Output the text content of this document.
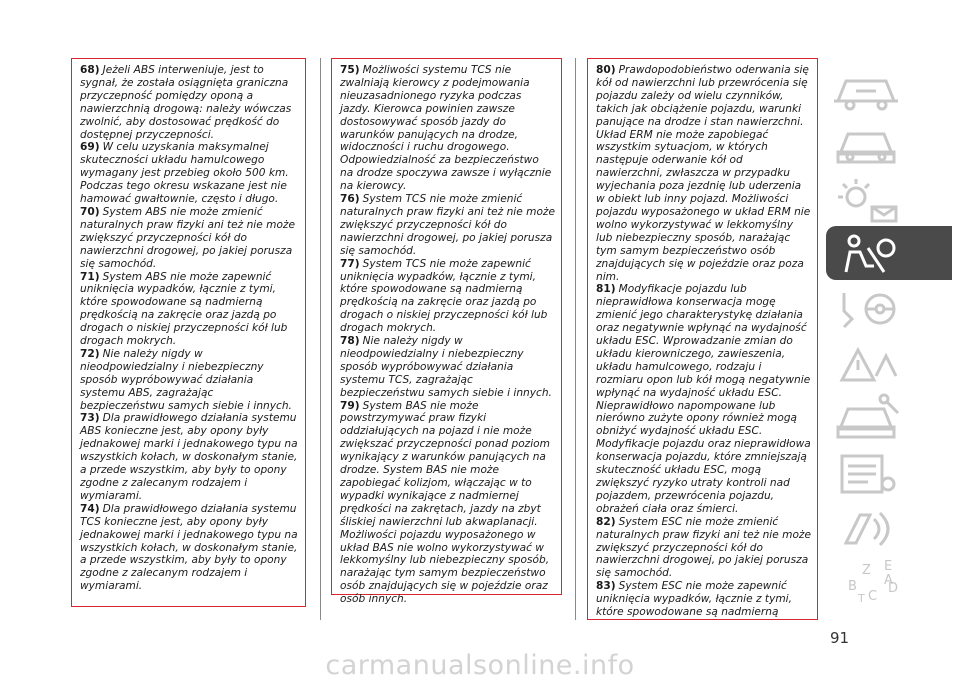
68) Jeżeli ABS interweniuje, jest to sygnał, że została osiągnięta graniczna przyczepność pomiędzy oponą a nawierzchnią drogową: należy wówczas zwolnić, aby dostosować prędkość do dostępnej przyczepności.

69) W celu uzyskania maksymalnej skuteczności układu hamulcowego wymagany jest przebieg około 500 km. Podczas tego okresu wskazane jest nie hamować gwałtownie, często i długo.

70) System ABS nie może zmienić naturalnych praw fizyki ani też nie może zwiększyć przyczepności kół do nawierzchni drogowej, po jakiej porusza się samochód.

71) System ABS nie może zapewnić uniknięcia wypadków, łącznie z tymi, które spowodowane są nadmierną prędkością na zakręcie oraz jazdą po drogach o niskiej przyczepności kół lub drogach mokrych.

72) Nie należy nigdy w nieodpowiedzialny i niebezpieczny sposób wypróbowywać działania systemu ABS, zagrażając bezpieczeństwu samych siebie i innych.

73) Dla prawidłowego działania systemu ABS konieczne jest, aby opony były jednakowej marki i jednakowego typu na wszystkich kołach, w doskonałym stanie, a przede wszystkim, aby były to opony zgodne z zalecanym rodzajem i wymiarami.

74) Dla prawidłowego działania systemu TCS konieczne jest, aby opony były jednakowej marki i jednakowego typu na wszystkich kołach, w doskonałym stanie, a przede wszystkim, aby były to opony zgodne z zalecanym rodzajem i wymiarami.

75) Możliwości systemu TCS nie zwalniają kierowcy z podejmowania nieuzasadnionego ryzyka podczas jazdy. Kierowca powinien zawsze dostosowywać sposób jazdy do warunków panujących na drodze, widoczności i ruchu drogowego. Odpowiedzialność za bezpieczeństwo na drodze spoczywa zawsze i wyłącznie na kierowcy.

76) System TCS nie może zmienić naturalnych praw fizyki ani też nie może zwiększyć przyczepności kół do nawierzchni drogowej, po jakiej porusza się samochód.

77) System TCS nie może zapewnić uniknięcia wypadków, łącznie z tymi, które spowodowane są nadmierną prędkością na zakręcie oraz jazdą po drogach o niskiej przyczepności kół lub drogach mokrych.

78) Nie należy nigdy w nieodpowiedzialny i niebezpieczny sposób wypróbowywać działania systemu TCS, zagrażając bezpieczeństwu samych siebie i innych.

79) System BAS nie może powstrzymywać praw fizyki oddziałujących na pojazd i nie może zwiększać przyczepności ponad poziom wynikający z warunków panujących na drodze. System BAS nie może zapobiegać kolizjom, włączając w to wypadki wynikające z nadmiernej prędkości na zakrętach, jazdy na zbyt śliskiej nawierzchni lub akwaplanacji. Możliwości pojazdu wyposażonego w układ BAS nie wolno wykorzystywać w lekkomyślny lub niebezpieczny sposób, narażając tym samym bezpieczeństwo osób znajdujących się w pojeździe oraz osób innych.

80) Prawdopodobieństwo oderwania się kół od nawierzchni lub przewrócenia się pojazdu zależy od wielu czynników, takich jak obciążenie pojazdu, warunki panujące na drodze i stan nawierzchni. Układ ERM nie może zapobiegać wszystkim sytuacjom, w których następuje oderwanie kół od nawierzchni, zwłaszcza w przypadku wyjechania poza jezdnię lub uderzenia w obiekt lub inny pojazd. Możliwości pojazdu wyposażonego w układ ERM nie wolno wykorzystywać w lekkomyślny lub niebezpieczny sposób, narażając tym samym bezpieczeństwo osób znajdujących się w pojeździe oraz poza nim.

81) Modyfikacje pojazdu lub nieprawidłowa konserwacja mogę zmienić jego charakterystykę działania oraz negatywnie wpłynąć na wydajność układu ESC. Wprowadzanie zmian do układu kierowniczego, zawieszenia, układu hamulcowego, rodzaju i rozmiaru opon lub kół mogą negatywnie wpłynąć na wydajność układu ESC. Nieprawidłowo napompowane lub nierówno zużyte opony również mogą obniżyć wydajność układu ESC. Modyfikacje pojazdu oraz nieprawidłowa konserwacja pojazdu, które zmniejszają skuteczność układu ESC, mogą zwiększyć ryzyko utraty kontroli nad pojazdem, przewrócenia pojazdu, obrażeń ciała oraz śmierci.

82) System ESC nie może zmienić naturalnych praw fizyki ani też nie może zwiększyć przyczepności kół do nawierzchni drogowej, po jakiej porusza się samochód.

83) System ESC nie może zapewnić uniknięcia wypadków, łącznie z tymi, które spowodowane są nadmierną

Z E
B
C
T
D
A
91
carmanualsonline.info
